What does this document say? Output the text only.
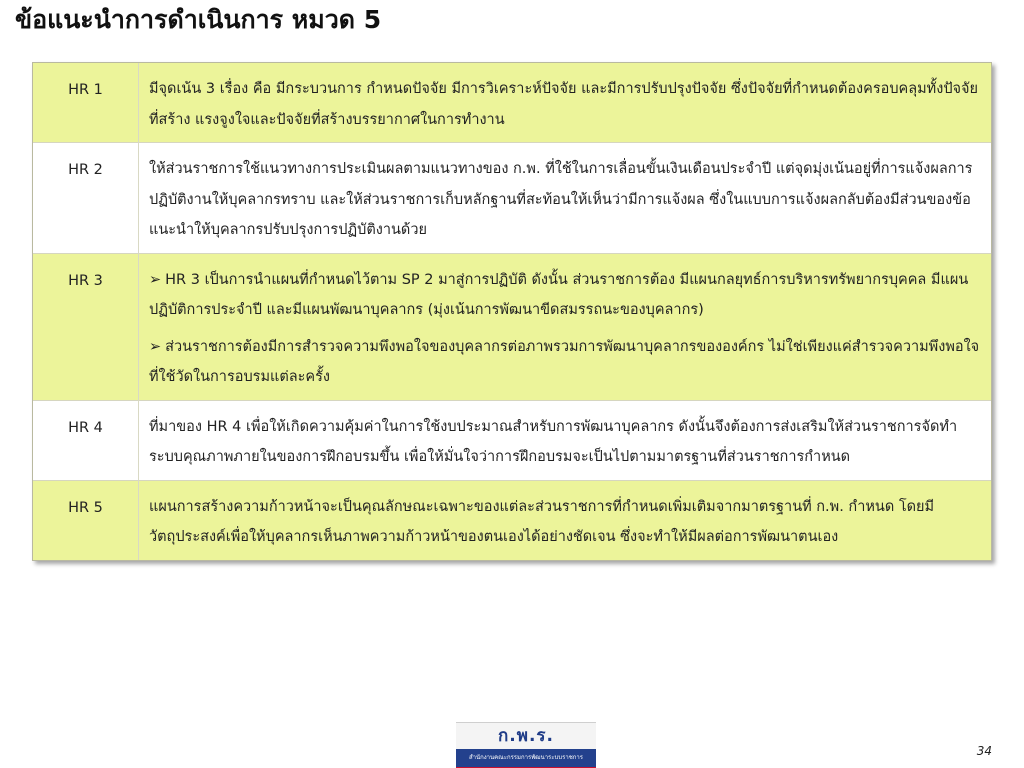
ข้อแนะนำการดำเนินการ หมวด 5
HR 1	มีจุดเน้น 3 เรื่อง คือ มีกระบวนการ กำหนดปัจจัย มีการวิเคราะห์ปัจจัย และมีการปรับปรุงปัจจัย ซึ่งปัจจัยที่กำหนดต้องครอบคลุมทั้งปัจจัยที่สร้าง แรงจูงใจและปัจจัยที่สร้างบรรยากาศในการทำงาน

HR 2	ให้ส่วนราชการใช้แนวทางการประเมินผลตามแนวทางของ ก.พ. ที่ใช้ในการเลื่อนขั้นเงินเดือนประจำปี แต่จุดมุ่งเน้นอยู่ที่การแจ้งผลการปฏิบัติงานให้บุคลากรทราบ และให้ส่วนราชการเก็บหลักฐานที่สะท้อนให้เห็นว่ามีการแจ้งผล ซึ่งในแบบการแจ้งผลกลับต้องมีส่วนของข้อแนะนำให้บุคลากรปรับปรุงการปฏิบัติงานด้วย

HR 3	➢ HR 3 เป็นการนำแผนที่กำหนดไว้ตาม SP 2 มาสู่การปฏิบัติ ดังนั้น ส่วนราชการต้อง มีแผนกลยุทธ์การบริหารทรัพยากรบุคคล มีแผนปฏิบัติการประจำปี และมีแผนพัฒนาบุคลากร (มุ่งเน้นการพัฒนาขีดสมรรถนะของบุคลากร)

➢ ส่วนราชการต้องมีการสำรวจความพึงพอใจของบุคลากรต่อภาพรวมการพัฒนาบุคลากรขององค์กร ไม่ใช่เพียงแค่สำรวจความพึงพอใจที่ใช้วัดในการอบรมแต่ละครั้ง

HR 4	ที่มาของ HR 4 เพื่อให้เกิดความคุ้มค่าในการใช้งบประมาณสำหรับการพัฒนาบุคลากร ดังนั้นจึงต้องการส่งเสริมให้ส่วนราชการจัดทำระบบคุณภาพภายในของการฝึกอบรมขึ้น เพื่อให้มั่นใจว่าการฝึกอบรมจะเป็นไปตามมาตรฐานที่ส่วนราชการกำหนด

HR 5	แผนการสร้างความก้าวหน้าจะเป็นคุณลักษณะเฉพาะของแต่ละส่วนราชการที่กำหนดเพิ่มเติมจากมาตรฐานที่ ก.พ. กำหนด โดยมีวัตถุประสงค์เพื่อให้บุคลากรเห็นภาพความก้าวหน้าของตนเองได้อย่างชัดเจน ซึ่งจะทำให้มีผลต่อการพัฒนาตนเอง

ก.พ.ร.
สำนักงานคณะกรรมการพัฒนาระบบราชการ	34
